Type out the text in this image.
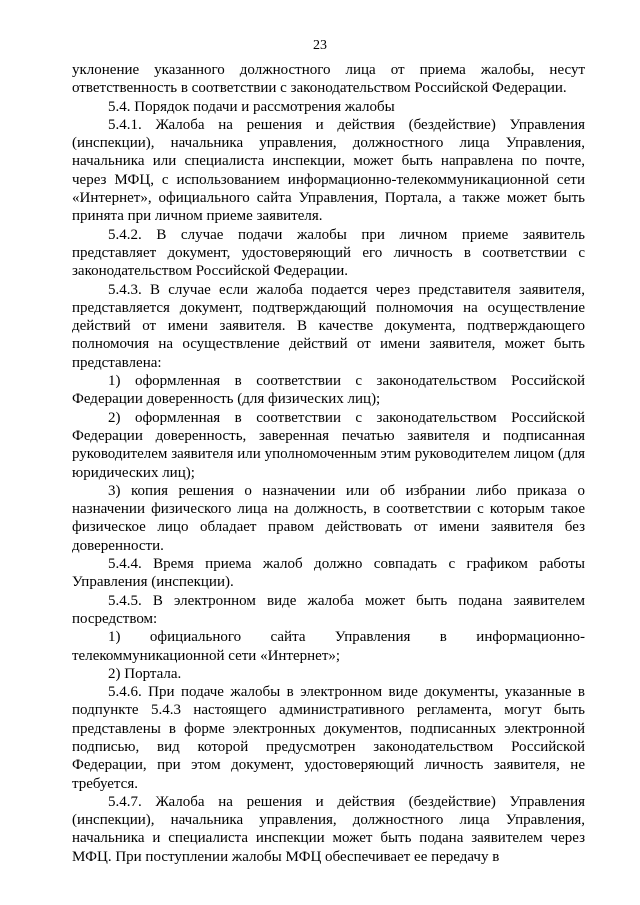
23

уклонение указанного должностного лица от приема жалобы, несут ответственность в соответствии с законодательством Российской Федерации.

5.4. Порядок подачи и рассмотрения жалобы

5.4.1. Жалоба на решения и действия (бездействие) Управления (инспекции), начальника управления, должностного лица Управления, начальника или специалиста инспекции, может быть направлена по почте, через МФЦ, с использованием информационно-телекоммуникационной сети «Интернет», официального сайта Управления, Портала, а также может быть принята при личном приеме заявителя.

5.4.2. В случае подачи жалобы при личном приеме заявитель представляет документ, удостоверяющий его личность в соответствии с законодательством Российской Федерации.

5.4.3. В случае если жалоба подается через представителя заявителя, представляется документ, подтверждающий полномочия на осуществление действий от имени заявителя. В качестве документа, подтверждающего полномочия на осуществление действий от имени заявителя, может быть представлена:

1) оформленная в соответствии с законодательством Российской Федерации доверенность (для физических лиц);

2) оформленная в соответствии с законодательством Российской Федерации доверенность, заверенная печатью заявителя и подписанная руководителем заявителя или уполномоченным этим руководителем лицом (для юридических лиц);

3) копия решения о назначении или об избрании либо приказа о назначении физического лица на должность, в соответствии с которым такое физическое лицо обладает правом действовать от имени заявителя без доверенности.

5.4.4. Время приема жалоб должно совпадать с графиком работы Управления (инспекции).

5.4.5. В электронном виде жалоба может быть подана заявителем посредством:

1) официального сайта Управления в информационно-телекоммуникационной сети «Интернет»;

2) Портала.

5.4.6. При подаче жалобы в электронном виде документы, указанные в подпункте 5.4.3 настоящего административного регламента, могут быть представлены в форме электронных документов, подписанных электронной подписью, вид которой предусмотрен законодательством Российской Федерации, при этом документ, удостоверяющий личность заявителя, не требуется.

5.4.7. Жалоба на решения и действия (бездействие) Управления (инспекции), начальника управления, должностного лица Управления, начальника и специалиста инспекции может быть подана заявителем через МФЦ. При поступлении жалобы МФЦ обеспечивает ее передачу в
